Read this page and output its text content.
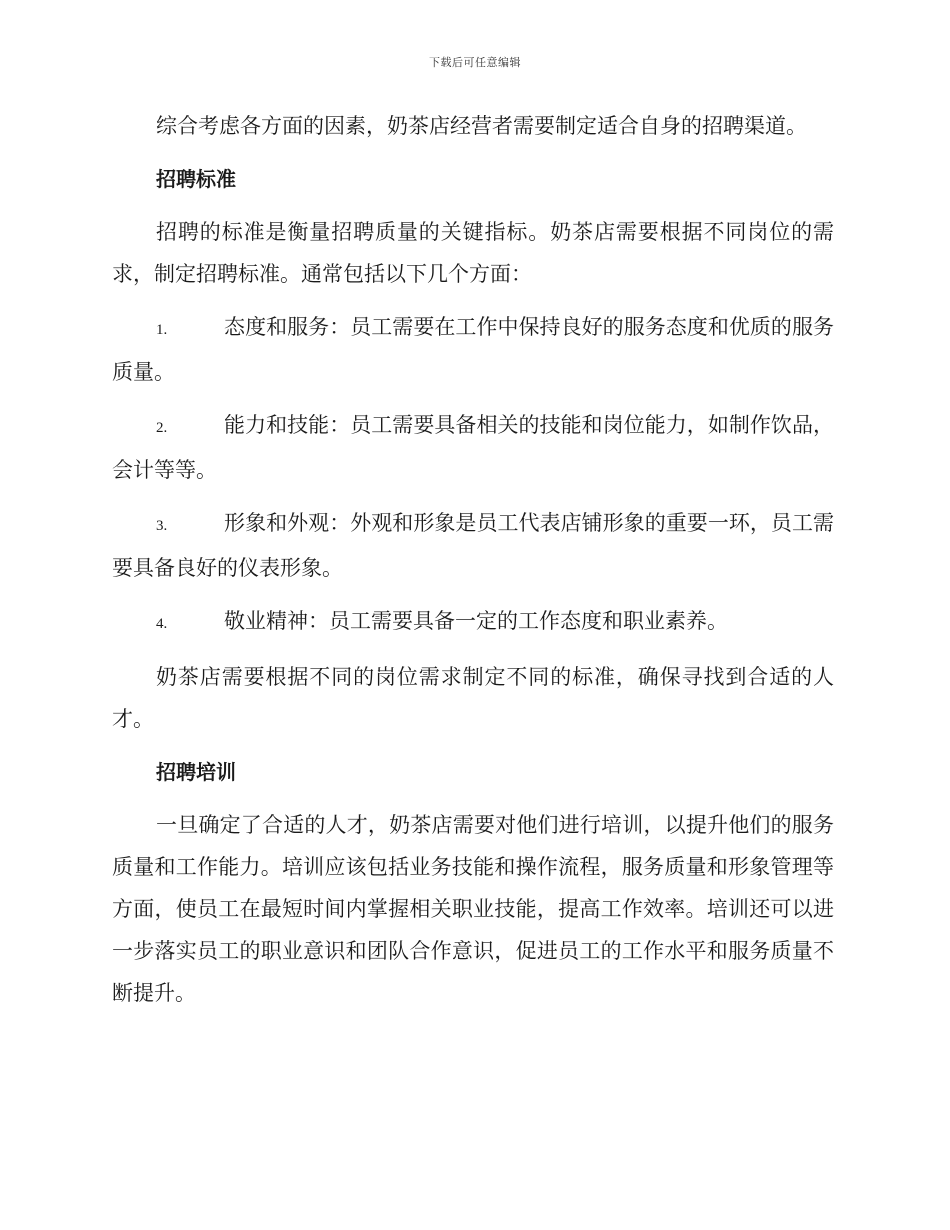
下载后可任意编辑

综合考虑各方面的因素，奶茶店经营者需要制定适合自身的招聘渠道。

招聘标准

招聘的标准是衡量招聘质量的关键指标。奶茶店需要根据不同岗位的需求，制定招聘标准。通常包括以下几个方面：

1.	态度和服务：员工需要在工作中保持良好的服务态度和优质的服务质量。

2.	能力和技能：员工需要具备相关的技能和岗位能力，如制作饮品，会计等等。

3.	形象和外观：外观和形象是员工代表店铺形象的重要一环，员工需要具备良好的仪表形象。

4.	敬业精神：员工需要具备一定的工作态度和职业素养。

奶茶店需要根据不同的岗位需求制定不同的标准，确保寻找到合适的人才。

招聘培训

一旦确定了合适的人才，奶茶店需要对他们进行培训，以提升他们的服务质量和工作能力。培训应该包括业务技能和操作流程，服务质量和形象管理等方面，使员工在最短时间内掌握相关职业技能，提高工作效率。培训还可以进一步落实员工的职业意识和团队合作意识，促进员工的工作水平和服务质量不断提升。
